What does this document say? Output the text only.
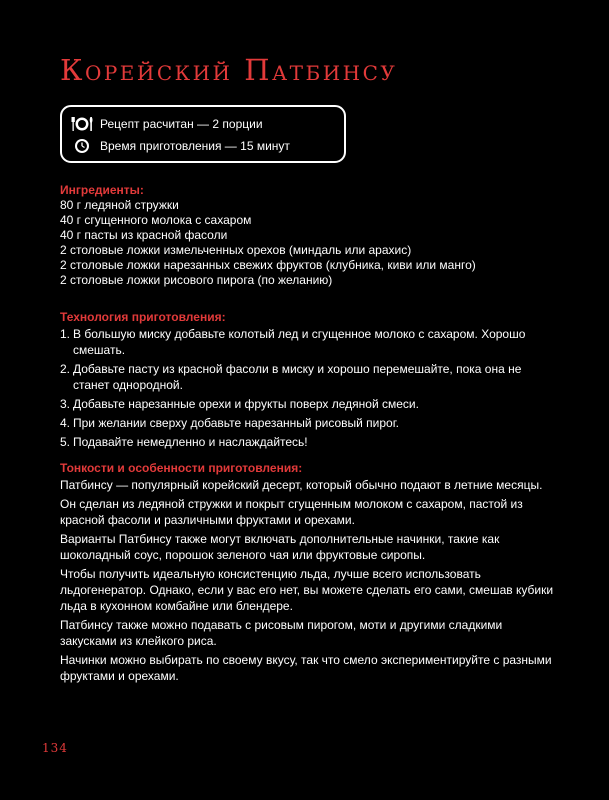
Корейский Патбинсу
Рецепт расчитан — 2 порции
Время приготовления — 15 минут
Ингредиенты:
80 г ледяной стружки
40 г сгущенного молока с сахаром
40 г пасты из красной фасоли
2 столовые ложки измельченных орехов (миндаль или арахис)
2 столовые ложки нарезанных свежих фруктов (клубника, киви или манго)
2 столовые ложки рисового пирога (по желанию)
Технология приготовления:
1. В большую миску добавьте колотый лед и сгущенное молоко с сахаром. Хорошо смешать.
2. Добавьте пасту из красной фасоли в миску и хорошо перемешайте, пока она не станет однородной.
3. Добавьте нарезанные орехи и фрукты поверх ледяной смеси.
4. При желании сверху добавьте нарезанный рисовый пирог.
5. Подавайте немедленно и наслаждайтесь!
Тонкости и особенности приготовления:

Патбинсу — популярный корейский десерт, который обычно подают в летние месяцы.

Он сделан из ледяной стружки и покрыт сгущенным молоком с сахаром, пастой из красной фасоли и различными фруктами и орехами.

Варианты Патбинсу также могут включать дополнительные начинки, такие как шоколадный соус, порошок зеленого чая или фруктовые сиропы.

Чтобы получить идеальную консистенцию льда, лучше всего использовать льдогенератор. Однако, если у вас его нет, вы можете сделать его сами, смешав кубики льда в кухонном комбайне или блендере.

Патбинсу также можно подавать с рисовым пирогом, моти и другими сладкими закусками из клейкого риса.

Начинки можно выбирать по своему вкусу, так что смело экспериментируйте с разными фруктами и орехами.

134
